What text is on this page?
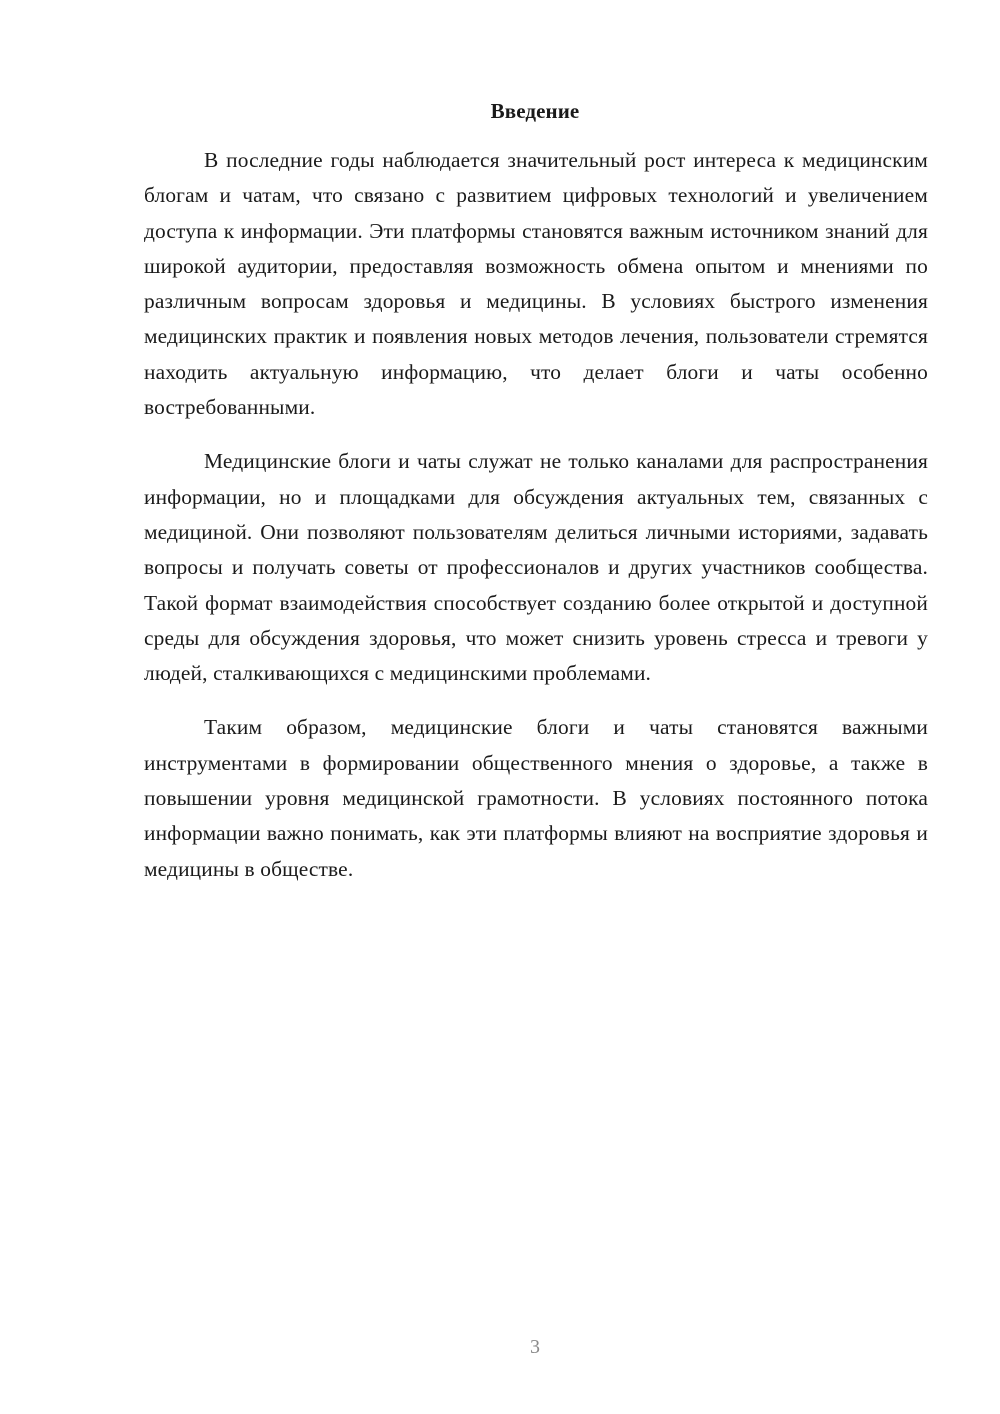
Введение

В последние годы наблюдается значительный рост интереса к медицинским блогам и чатам, что связано с развитием цифровых технологий и увеличением доступа к информации. Эти платформы становятся важным источником знаний для широкой аудитории, предоставляя возможность обмена опытом и мнениями по различным вопросам здоровья и медицины. В условиях быстрого изменения медицинских практик и появления новых методов лечения, пользователи стремятся находить актуальную информацию, что делает блоги и чаты особенно востребованными.

Медицинские блоги и чаты служат не только каналами для распространения информации, но и площадками для обсуждения актуальных тем, связанных с медициной. Они позволяют пользователям делиться личными историями, задавать вопросы и получать советы от профессионалов и других участников сообщества. Такой формат взаимодействия способствует созданию более открытой и доступной среды для обсуждения здоровья, что может снизить уровень стресса и тревоги у людей, сталкивающихся с медицинскими проблемами.

Таким образом, медицинские блоги и чаты становятся важными инструментами в формировании общественного мнения о здоровье, а также в повышении уровня медицинской грамотности. В условиях постоянного потока информации важно понимать, как эти платформы влияют на восприятие здоровья и медицины в обществе.

3
